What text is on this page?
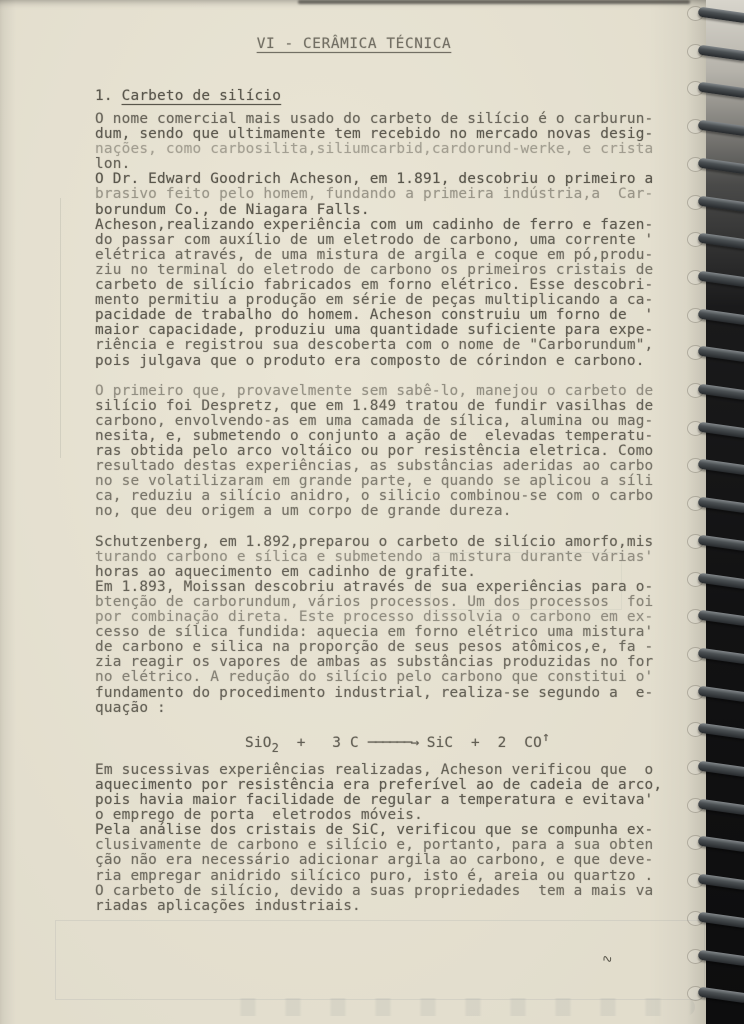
∿
VI - CERÂMICA TÉCNICA
1. Carbeto de silício
O nome comercial mais usado do carbeto de silício é o carburun-
dum, sendo que ultimamente tem recebido no mercado novas desig-
nações, como carbosilita,siliumcarbid,cardorund-werke, e crista
lon.
O Dr. Edward Goodrich Acheson, em 1.891, descobriu o primeiro a
brasivo feito pelo homem, fundando a primeira indústria,a  Car-
borundum Co., de Niagara Falls.
Acheson,realizando experiência com um cadinho de ferro e fazen-
do passar com auxílio de um eletrodo de carbono, uma corrente '
elétrica através, de uma mistura de argila e coque em pó,produ-
ziu no terminal do eletrodo de carbono os primeiros cristais de
carbeto de silício fabricados em forno elétrico. Esse descobri-
mento permitiu a produção em série de peças multiplicando a ca-
pacidade de trabalho do homem. Acheson construiu um forno de  '
maior capacidade, produziu uma quantidade suficiente para expe-
riência e registrou sua descoberta com o nome de "Carborundum",
pois julgava que o produto era composto de córindon e carbono.
O primeiro que, provavelmente sem sabê-lo, manejou o carbeto de
silício foi Despretz, que em 1.849 tratou de fundir vasilhas de
carbono, envolvendo-as em uma camada de sílica, alumina ou mag-
nesita, e, submetendo o conjunto a ação de  elevadas temperatu-
ras obtida pelo arco voltáico ou por resistência eletrica. Como
resultado destas experiências, as substâncias aderidas ao carbo
no se volatilizaram em grande parte, e quando se aplicou a síli
ca, reduziu a silício anidro, o silicio combinou-se com o carbo
no, que deu origem a um corpo de grande dureza.
Schutzenberg, em 1.892,preparou o carbeto de silício amorfo,mis
turando carbono e sílica e submetendo a mistura durante várias'
horas ao aquecimento em cadinho de grafite.
Em 1.893, Moissan descobriu através de sua experiências para o-
btenção de carborundum, vários processos. Um dos processos  foi
por combinação direta. Este processo dissolvia o carbono em ex-
cesso de sílica fundida: aquecia em forno elétrico uma mistura'
de carbono e silica na proporção de seus pesos atômicos,e, fa -
zia reagir os vapores de ambas as substâncias produzidas no for
no elétrico. A redução do silício pelo carbono que constitui o'
fundamento do procedimento industrial, realiza-se segundo a  e-
quação :
SiO$_2$  +   3 C ──────→ SiC  +  2  CO↑
Em sucessivas experiências realizadas, Acheson verificou que  o
aquecimento por resistência era preferível ao de cadeia de arco,
pois havia maior facilidade de regular a temperatura e evitava'
o emprego de porta  eletrodos móveis.
Pela análise dos cristais de SiC, verificou que se compunha ex-
clusivamente de carbono e silício e, portanto, para a sua obten
ção não era necessário adicionar argila ao carbono, e que deve-
ria empregar anidrido silícico puro, isto é, areia ou quartzo .
O carbeto de silício, devido a suas propriedades  tem a mais va
riadas aplicações industriais.
